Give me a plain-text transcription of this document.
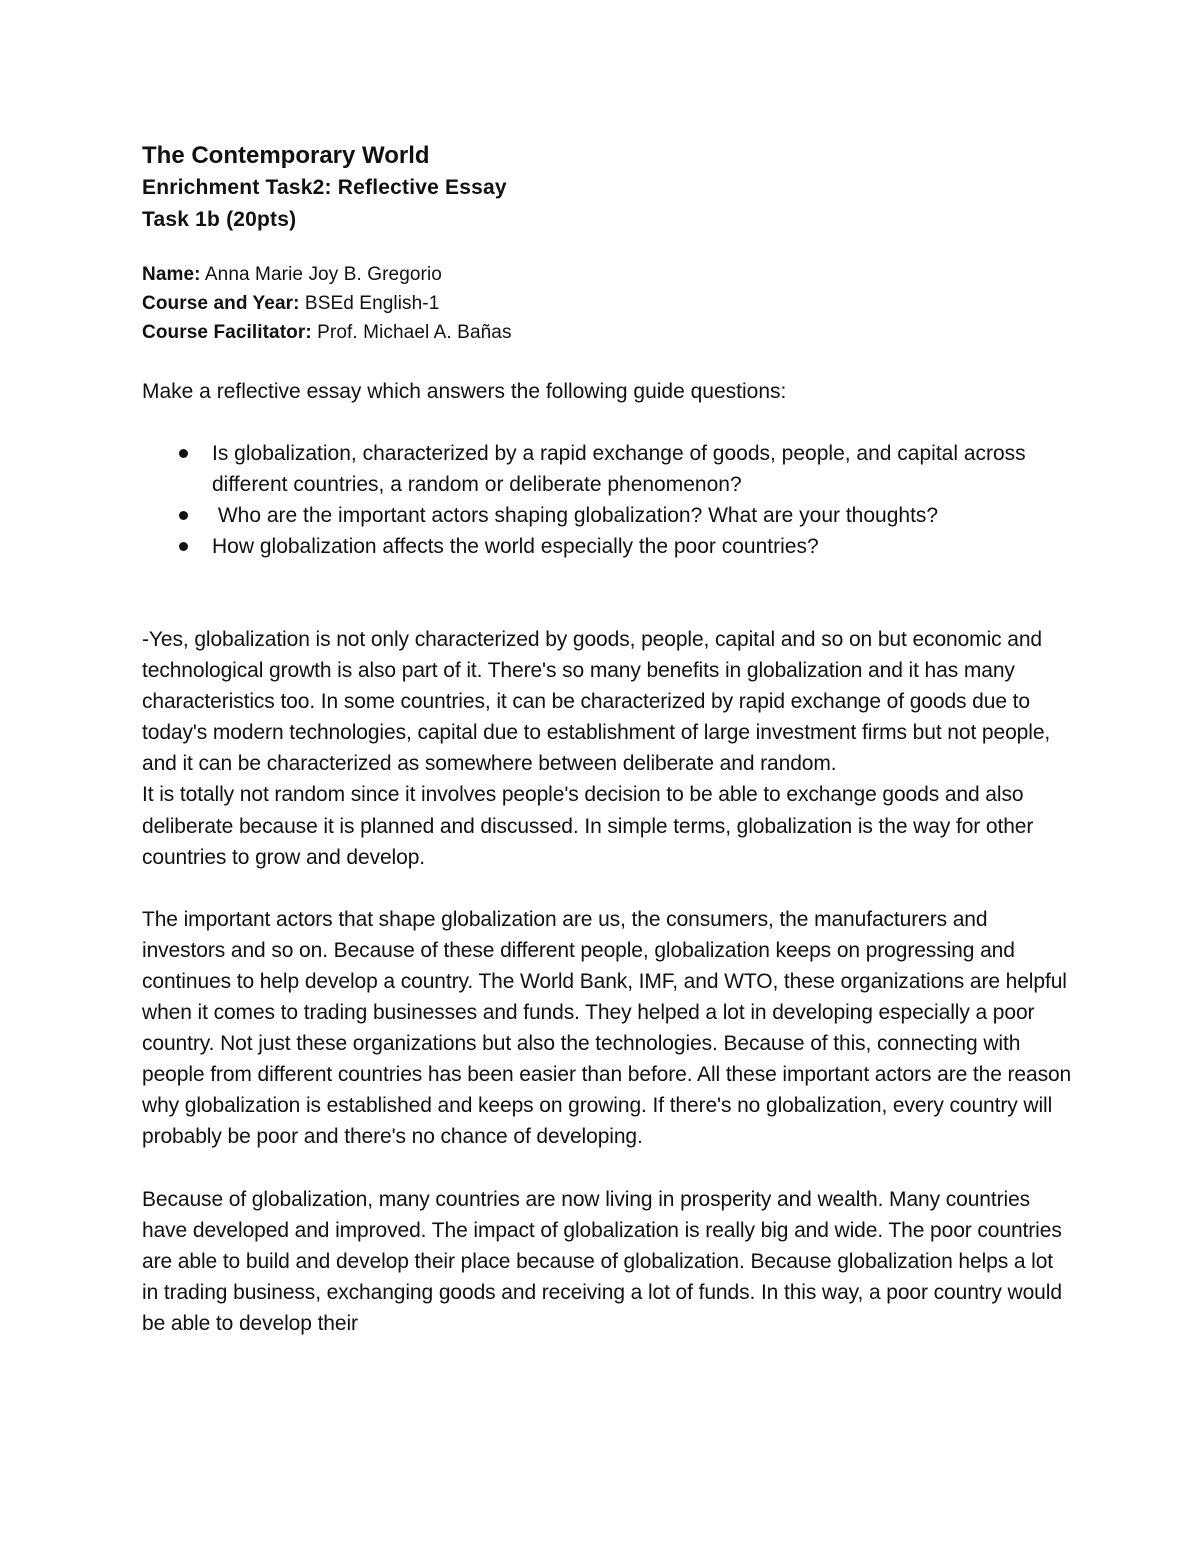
The Contemporary World
Enrichment Task2: Reflective Essay
Task 1b (20pts)

Name: Anna Marie Joy B. Gregorio

Course and Year: BSEd English-1

Course Facilitator: Prof. Michael A. Bañas

Make a reflective essay which answers the following guide questions:
Is globalization, characterized by a rapid exchange of goods, people, and capital across different countries, a random or deliberate phenomenon?
Who are the important actors shaping globalization? What are your thoughts?
How globalization affects the world especially the poor countries?

-Yes, globalization is not only characterized by goods, people, capital and so on but economic and technological growth is also part of it. There's so many benefits in globalization and it has many characteristics too. In some countries, it can be characterized by rapid exchange of goods due to today's modern technologies, capital due to establishment of large investment firms but not people, and it can be characterized as somewhere between deliberate and random.

It is totally not random since it involves people's decision to be able to exchange goods and also deliberate because it is planned and discussed. In simple terms, globalization is the way for other countries to grow and develop.

The important actors that shape globalization are us, the consumers, the manufacturers and investors and so on. Because of these different people, globalization keeps on progressing and continues to help develop a country. The World Bank, IMF, and WTO, these organizations are helpful when it comes to trading businesses and funds. They helped a lot in developing especially a poor country. Not just these organizations but also the technologies. Because of this, connecting with people from different countries has been easier than before. All these important actors are the reason why globalization is established and keeps on growing. If there's no globalization, every country will probably be poor and there's no chance of developing.

Because of globalization, many countries are now living in prosperity and wealth. Many countries have developed and improved. The impact of globalization is really big and wide. The poor countries are able to build and develop their place because of globalization. Because globalization helps a lot in trading business, exchanging goods and receiving a lot of funds. In this way, a poor country would be able to develop their
